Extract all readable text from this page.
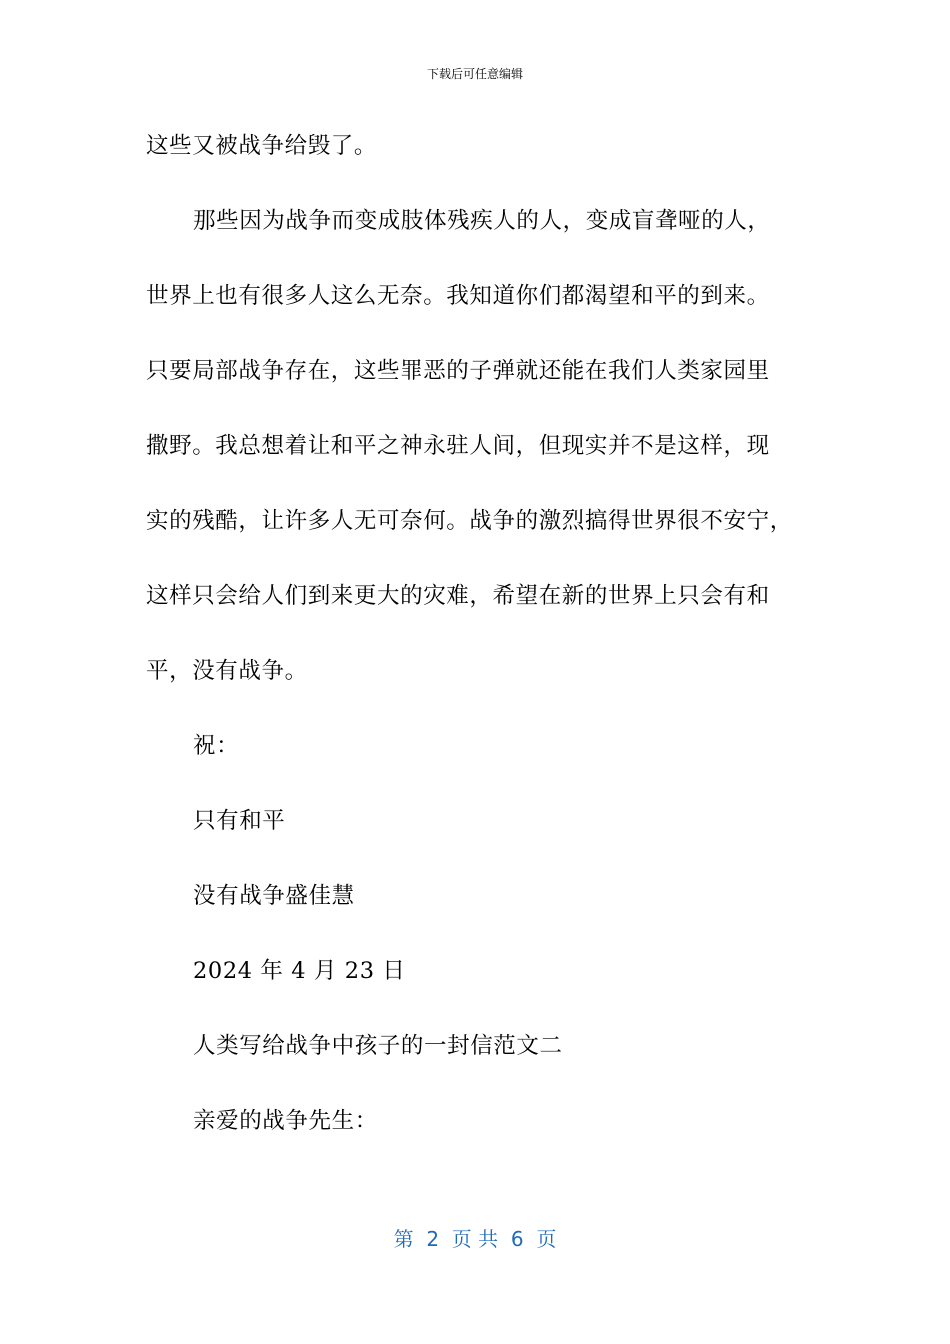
下载后可任意编辑
这些又被战争给毁了。
那些因为战争而变成肢体残疾人的人，变成盲聋哑的人，
世界上也有很多人这么无奈。我知道你们都渴望和平的到来。
只要局部战争存在，这些罪恶的子弹就还能在我们人类家园里
撒野。我总想着让和平之神永驻人间，但现实并不是这样，现
实的残酷，让许多人无可奈何。战争的激烈搞得世界很不安宁，
这样只会给人们到来更大的灾难，希望在新的世界上只会有和
平，没有战争。
祝：
只有和平
没有战争盛佳慧
2024 年 4 月 23 日
人类写给战争中孩子的一封信范文二
亲爱的战争先生：
第  2  页 共  6  页
